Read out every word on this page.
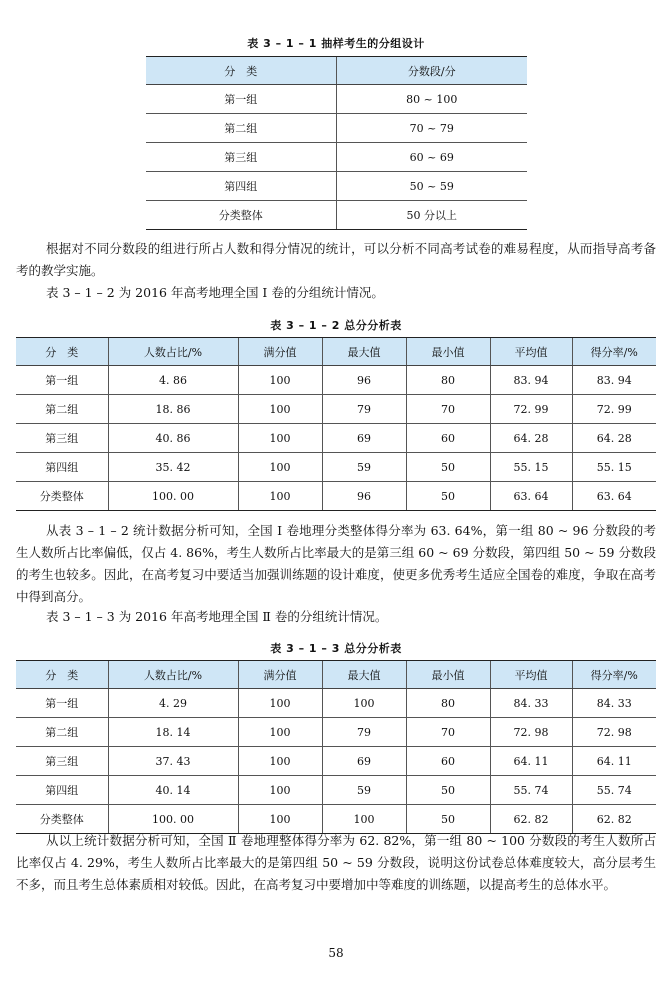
表 3 – 1 – 1 抽样考生的分组设计
分　类	分数段/分
第一组	80 ~ 100
第二组	70 ~ 79
第三组	60 ~ 69
第四组	50 ~ 59
分类整体	50 分以上

根据对不同分数段的组进行所占人数和得分情况的统计，可以分析不同高考试卷的难易程度，从而指导高考备考的教学实施。

表 3 – 1 – 2 为 2016 年高考地理全国 Ⅰ 卷的分组统计情况。

表 3 – 1 – 2 总分分析表
分　类	人数占比/%	满分值	最大值	最小值	平均值	得分率/%
第一组	4. 86	100	96	80	83. 94	83. 94
第二组	18. 86	100	79	70	72. 99	72. 99
第三组	40. 86	100	69	60	64. 28	64. 28
第四组	35. 42	100	59	50	55. 15	55. 15
分类整体	100. 00	100	96	50	63. 64	63. 64

从表 3 – 1 – 2 统计数据分析可知，全国 Ⅰ 卷地理分类整体得分率为 63. 64%，第一组 80 ~ 96 分数段的考生人数所占比率偏低，仅占 4. 86%，考生人数所占比率最大的是第三组 60 ~ 69 分数段，第四组 50 ~ 59 分数段的考生也较多。因此，在高考复习中要适当加强训练题的设计难度，使更多优秀考生适应全国卷的难度，争取在高考中得到高分。

表 3 – 1 – 3 为 2016 年高考地理全国 Ⅱ 卷的分组统计情况。

表 3 – 1 – 3 总分分析表
分　类	人数占比/%	满分值	最大值	最小值	平均值	得分率/%
第一组	4. 29	100	100	80	84. 33	84. 33
第二组	18. 14	100	79	70	72. 98	72. 98
第三组	37. 43	100	69	60	64. 11	64. 11
第四组	40. 14	100	59	50	55. 74	55. 74
分类整体	100. 00	100	100	50	62. 82	62. 82

从以上统计数据分析可知，全国 Ⅱ 卷地理整体得分率为 62. 82%，第一组 80 ~ 100 分数段的考生人数所占比率仅占 4. 29%，考生人数所占比率最大的是第四组 50 ~ 59 分数段，说明这份试卷总体难度较大，高分层考生不多，而且考生总体素质相对较低。因此，在高考复习中要增加中等难度的训练题，以提高考生的总体水平。

58
